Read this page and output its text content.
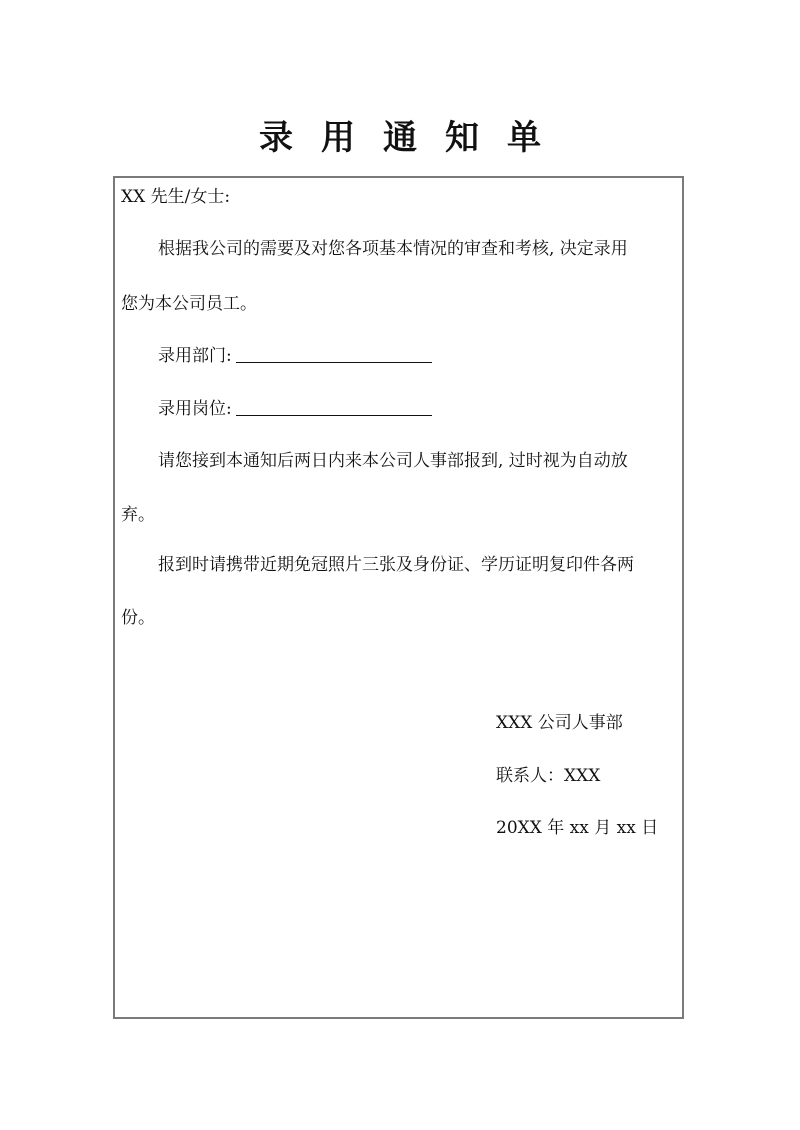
录用通知单
XX 先生/女士:
根据我公司的需要及对您各项基本情况的审查和考核, 决定录用
您为本公司员工。
录用部门:
录用岗位:
请您接到本通知后两日内来本公司人事部报到, 过时视为自动放
弃。
报到时请携带近期免冠照片三张及身份证、学历证明复印件各两
份。
XXX 公司人事部
联系人：XXX
20XX 年 xx 月 xx 日
